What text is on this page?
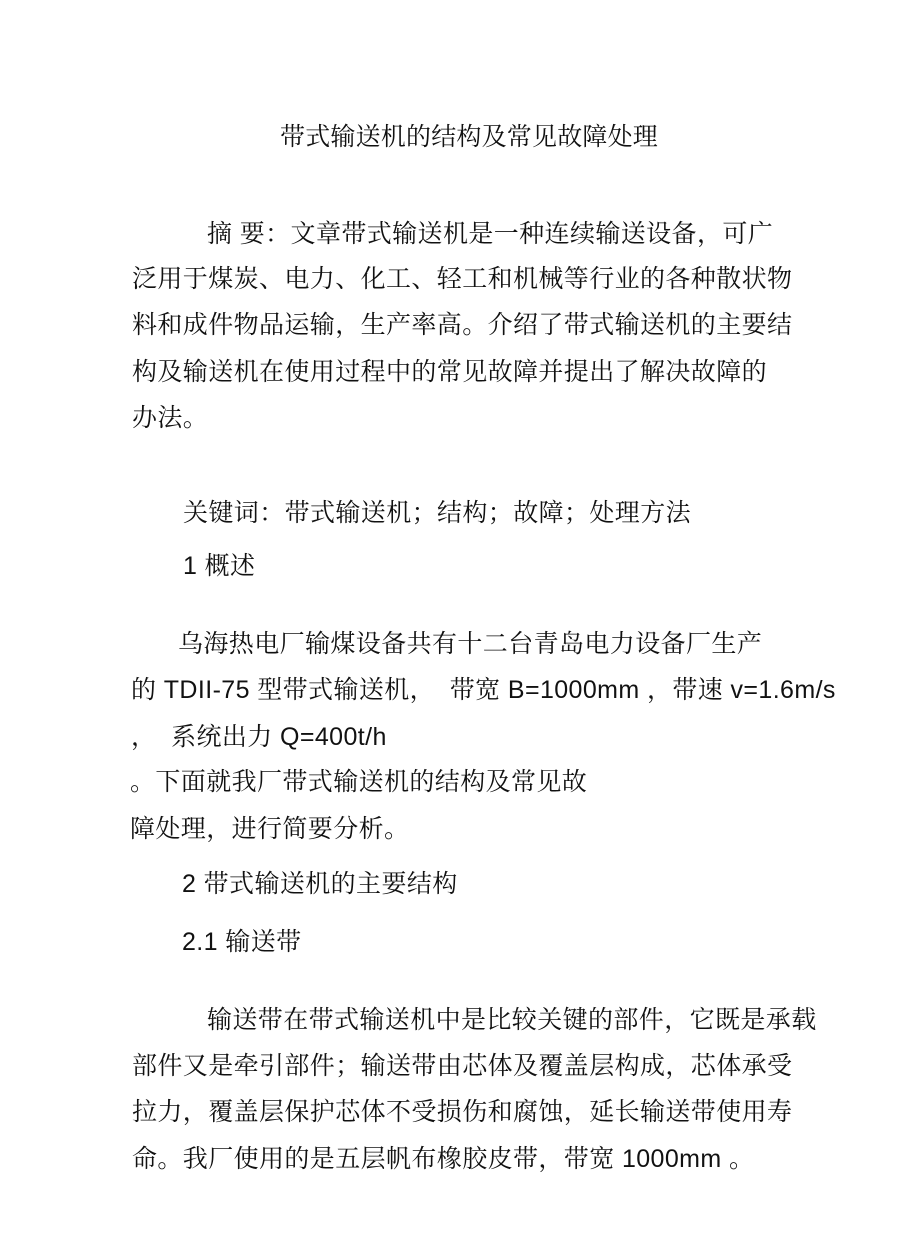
带式输送机的结构及常见故障处理
摘 要：文章带式输送机是一种连续输送设备，可广
泛用于煤炭、电力、化工、轻工和机械等行业的各种散状物
料和成件物品运输，生产率高。介绍了带式输送机的主要结
构及输送机在使用过程中的常见故障并提出了解决故障的
办法。
关键词：带式输送机；结构；故障；处理方法
1 概述
乌海热电厂输煤设备共有十二台青岛电力设备厂生产
的 TDII-75 型带式输送机，  带宽 B=1000mm ，带速 v=1.6m/s
，  系统出力 Q=400t/h
。下面就我厂带式输送机的结构及常见故
障处理，进行简要分析。
2 带式输送机的主要结构
2.1 输送带
输送带在带式输送机中是比较关键的部件，它既是承载
部件又是牵引部件；输送带由芯体及覆盖层构成，芯体承受
拉力，覆盖层保护芯体不受损伤和腐蚀，延长输送带使用寿
命。我厂使用的是五层帆布橡胶皮带，带宽 1000mm 。
